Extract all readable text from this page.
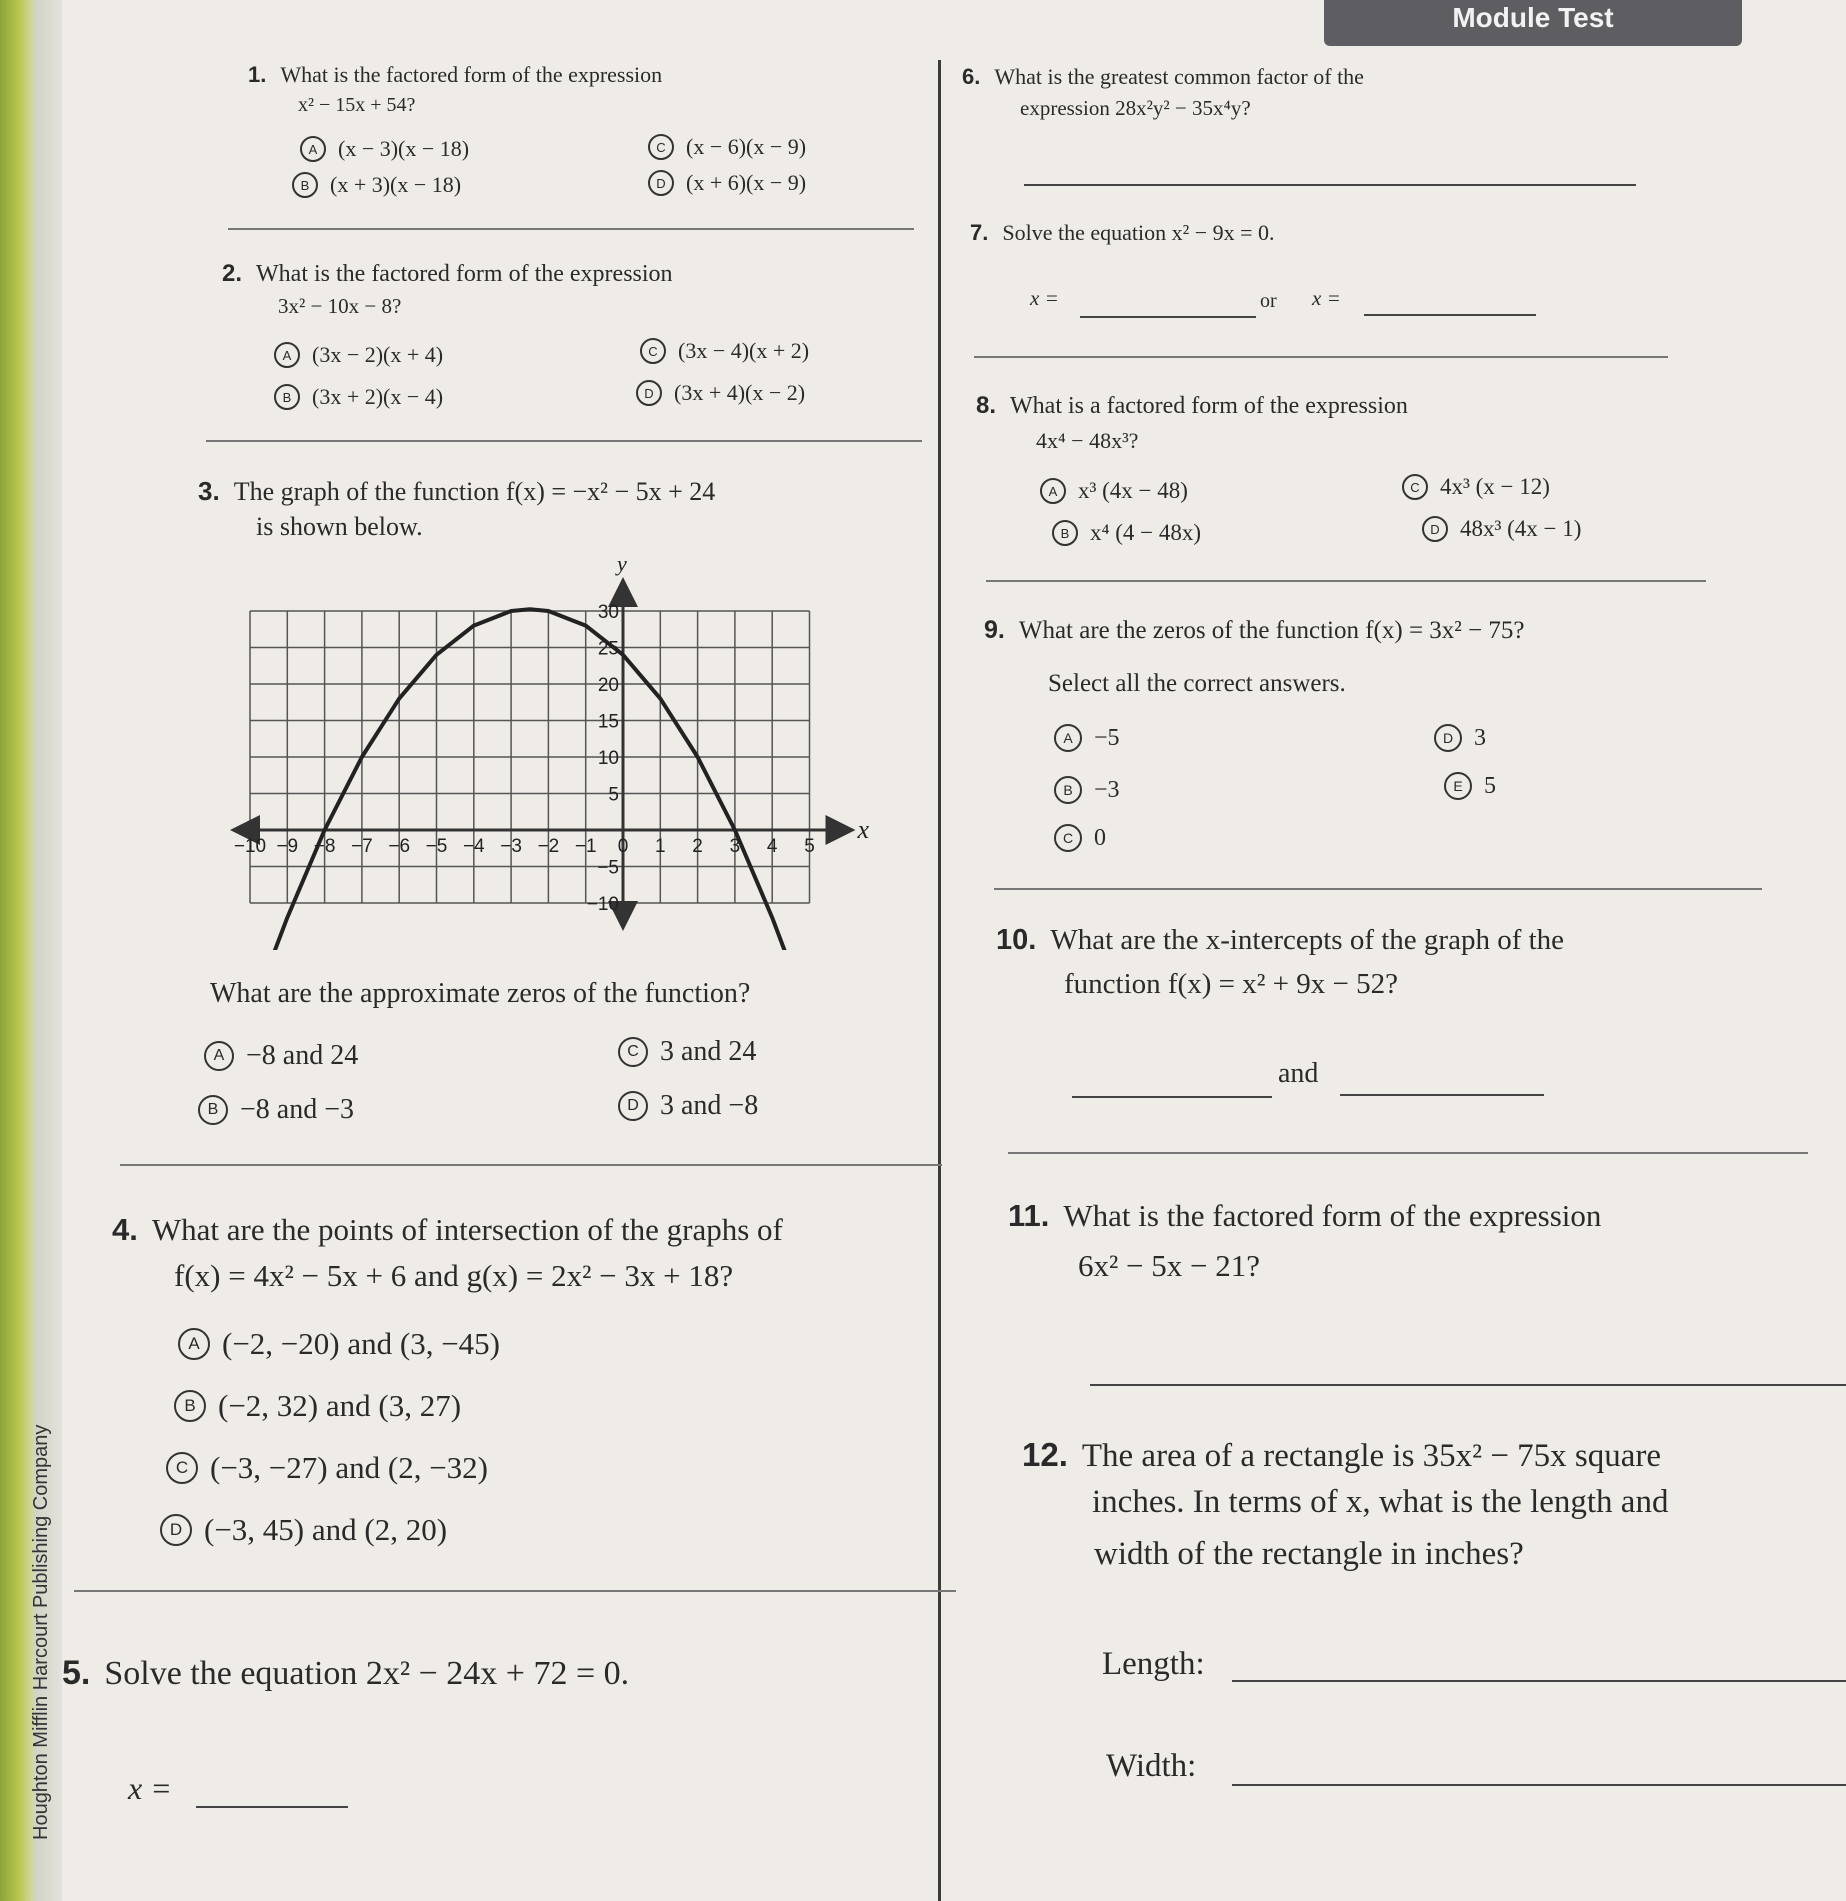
Houghton Mifflin Harcourt Publishing Company
Module Test
1. What is the factored form of the expression
x² − 15x + 54?
A (x − 3)(x − 18)
B (x + 3)(x − 18)
C (x − 6)(x − 9)
D (x + 6)(x − 9)
2. What is the factored form of the expression
3x² − 10x − 8?
A (3x − 2)(x + 4)
B (3x + 2)(x − 4)
C (3x − 4)(x + 2)
D (3x + 4)(x − 2)
3. The graph of the function f(x) = −x² − 5x + 24
is shown below.
−10 −9 −8 −7 −6 −5 −4 −3 −2 −1 0 1 2 3 4 5
30
25
20
15
10
5
−5
−10
x
y
What are the approximate zeros of the function?
A −8 and 24
B −8 and −3
C 3 and 24
D 3 and −8
4. What are the points of intersection of the graphs of
f(x) = 4x² − 5x + 6 and g(x) = 2x² − 3x + 18?
A (−2, −20) and (3, −45)
B (−2, 32) and (3, 27)
C (−3, −27) and (2, −32)
D (−3, 45) and (2, 20)
5. Solve the equation 2x² − 24x + 72 = 0.
x =
6. What is the greatest common factor of the
expression 28x²y² − 35x⁴y?
7. Solve the equation x² − 9x = 0.
x =	or x =
8. What is a factored form of the expression
4x⁴ − 48x³?
A x³ (4x − 48)
B x⁴ (4 − 48x)
C 4x³ (x − 12)
D 48x³ (4x − 1)
9. What are the zeros of the function f(x) = 3x² − 75?
Select all the correct answers.
A −5
B −3
C 0
D 3
E 5
10. What are the x-intercepts of the graph of the
function f(x) = x² + 9x − 52?
and
11. What is the factored form of the expression
6x² − 5x − 21?
12. The area of a rectangle is 35x² − 75x square
inches. In terms of x, what is the length and
width of the rectangle in inches?
Length:
Width:
